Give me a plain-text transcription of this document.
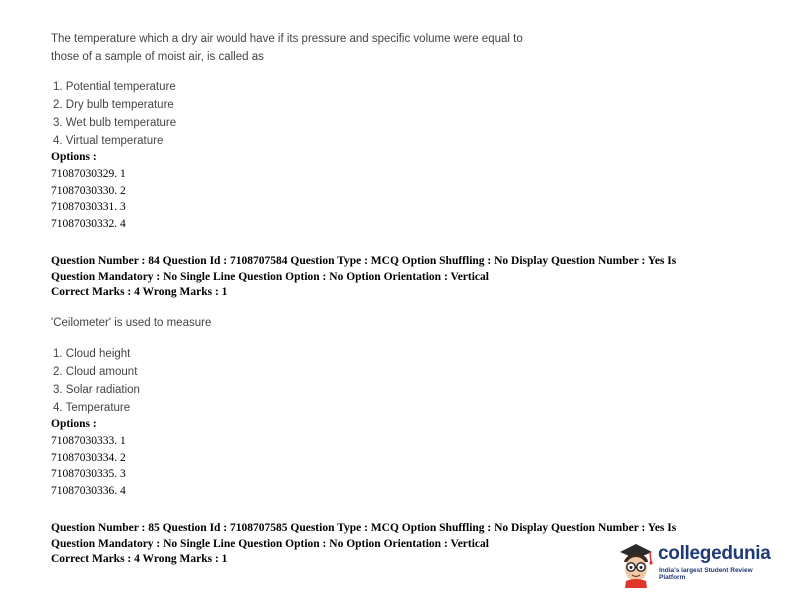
The temperature which a dry air would have if its pressure and specific volume were equal to
those of a sample of moist air, is called as
1. Potential temperature
2. Dry bulb temperature
3. Wet bulb temperature
4. Virtual temperature
Options :
71087030329. 1
71087030330. 2
71087030331. 3
71087030332. 4
Question Number : 84 Question Id : 7108707584 Question Type : MCQ Option Shuffling : No Display Question Number : Yes Is
Question Mandatory : No Single Line Question Option : No Option Orientation : Vertical
Correct Marks : 4 Wrong Marks : 1
'Ceilometer' is used to measure
1. Cloud height
2. Cloud amount
3. Solar radiation
4. Temperature
Options :
71087030333. 1
71087030334. 2
71087030335. 3
71087030336. 4
Question Number : 85 Question Id : 7108707585 Question Type : MCQ Option Shuffling : No Display Question Number : Yes Is
Question Mandatory : No Single Line Question Option : No Option Orientation : Vertical
Correct Marks : 4 Wrong Marks : 1	collegedunia
India's largest Student Review Platform
